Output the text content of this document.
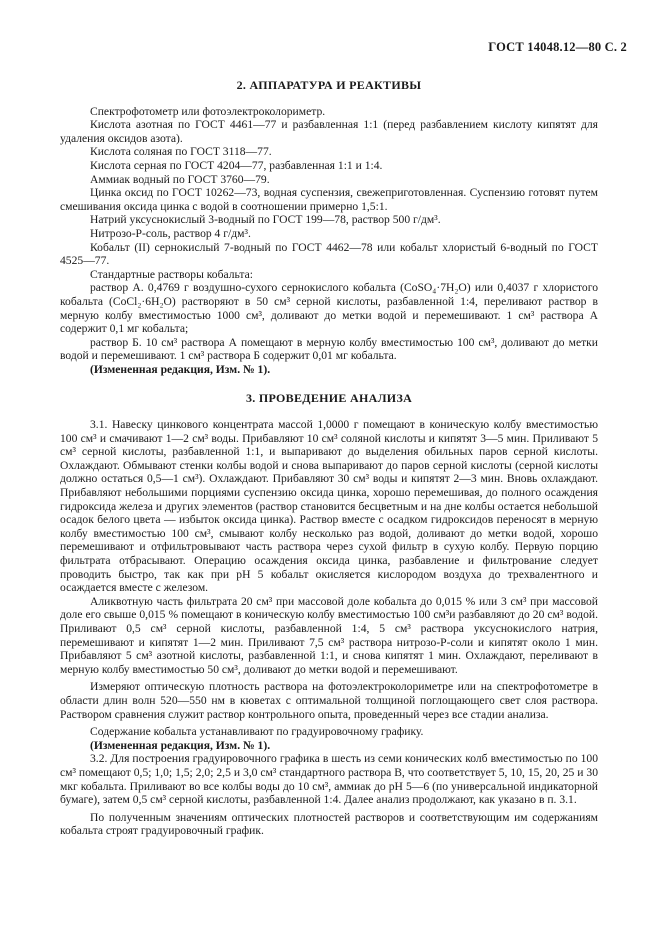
ГОСТ 14048.12—80 С. 2
2. АППАРАТУРА И РЕАКТИВЫ

Спектрофотометр или фотоэлектроколориметр.

Кислота азотная по ГОСТ 4461—77 и разбавленная 1:1 (перед разбавлением кислоту кипятят для удаления оксидов азота).

Кислота соляная по ГОСТ 3118—77.

Кислота серная по ГОСТ 4204—77, разбавленная 1:1 и 1:4.

Аммиак водный по ГОСТ 3760—79.

Цинка оксид по ГОСТ 10262—73, водная суспензия, свежеприготовленная. Суспензию готовят путем смешивания оксида цинка с водой в соотношении примерно 1,5:1.

Натрий уксуснокислый 3-водный по ГОСТ 199—78, раствор 500 г/дм³.

Нитрозо-Р-соль, раствор 4 г/дм³.

Кобальт (II) сернокислый 7-водный по ГОСТ 4462—78 или кобальт хлористый 6-водный по ГОСТ 4525—77.

Стандартные растворы кобальта:

раствор А. 0,4769 г воздушно-сухого сернокислого кобальта (CoSO₄·7H₂O) или 0,4037 г хлористого кобальта (CoCl₂·6H₂O) растворяют в 50 см³ серной кислоты, разбавленной 1:4, переливают раствор в мерную колбу вместимостью 1000 см³, доливают до метки водой и перемешивают. 1 см³ раствора А содержит 0,1 мг кобальта;

раствор Б. 10 см³ раствора А помещают в мерную колбу вместимостью 100 см³, доливают до метки водой и перемешивают. 1 см³ раствора Б содержит 0,01 мг кобальта.

(Измененная редакция, Изм. № 1).

3. ПРОВЕДЕНИЕ АНАЛИЗА

3.1. Навеску цинкового концентрата массой 1,0000 г помещают в коническую колбу вместимостью 100 см³ и смачивают 1—2 см³ воды. Прибавляют 10 см³ соляной кислоты и кипятят 3—5 мин. Приливают 5 см³ серной кислоты, разбавленной 1:1, и выпаривают до выделения обильных паров серной кислоты. Охлаждают. Обмывают стенки колбы водой и снова выпаривают до паров серной кислоты (серной кислоты должно остаться 0,5—1 см³). Охлаждают. Прибавляют 30 см³ воды и кипятят 2—3 мин. Вновь охлаждают. Прибавляют небольшими порциями суспензию оксида цинка, хорошо перемешивая, до полного осаждения гидроксида железа и других элементов (раствор становится бесцветным и на дне колбы остается небольшой осадок белого цвета — избыток оксида цинка). Раствор вместе с осадком гидроксидов переносят в мерную колбу вместимостью 100 см³, смывают колбу несколько раз водой, доливают до метки водой, хорошо перемешивают и отфильтровывают часть раствора через сухой фильтр в сухую колбу. Первую порцию фильтрата отбрасывают. Операцию осаждения оксида цинка, разбавление и фильтрование следует проводить быстро, так как при pH 5 кобальт окисляется кислородом воздуха до трехвалентного и осаждается вместе с железом.

Аликвотную часть фильтрата 20 см³ при массовой доле кобальта до 0,015 % или 3 см³ при массовой доле его свыше 0,015 % помещают в коническую колбу вместимостью 100 см³и разбавляют до 20 см³ водой. Приливают 0,5 см³ серной кислоты, разбавленной 1:4, 5 см³ раствора уксуснокислого натрия, перемешивают и кипятят 1—2 мин. Приливают 7,5 см³ раствора нитрозо-Р-соли и кипятят около 1 мин. Прибавляют 5 см³ азотной кислоты, разбавленной 1:1, и снова кипятят 1 мин. Охлаждают, переливают в мерную колбу вместимостью 50 см³, доливают до метки водой и перемешивают.

Измеряют оптическую плотность раствора на фотоэлектроколориметре или на спектрофотометре в области длин волн 520—550 нм в кюветах с оптимальной толщиной поглощающего свет слоя раствора. Раствором сравнения служит раствор контрольного опыта, проведенный через все стадии анализа.

Содержание кобальта устанавливают по градуировочному графику.

(Измененная редакция, Изм. № 1).

3.2. Для построения градуировочного графика в шесть из семи конических колб вместимостью по 100 см³ помещают 0,5; 1,0; 1,5; 2,0; 2,5 и 3,0 см³ стандартного раствора В, что соответствует 5, 10, 15, 20, 25 и 30 мкг кобальта. Приливают во все колбы воды до 10 см³, аммиак до pH 5—6 (по универсальной индикаторной бумаге), затем 0,5 см³ серной кислоты, разбавленной 1:4. Далее анализ продолжают, как указано в п. 3.1.

По полученным значениям оптических плотностей растворов и соответствующим им содержаниям кобальта строят градуировочный график.
